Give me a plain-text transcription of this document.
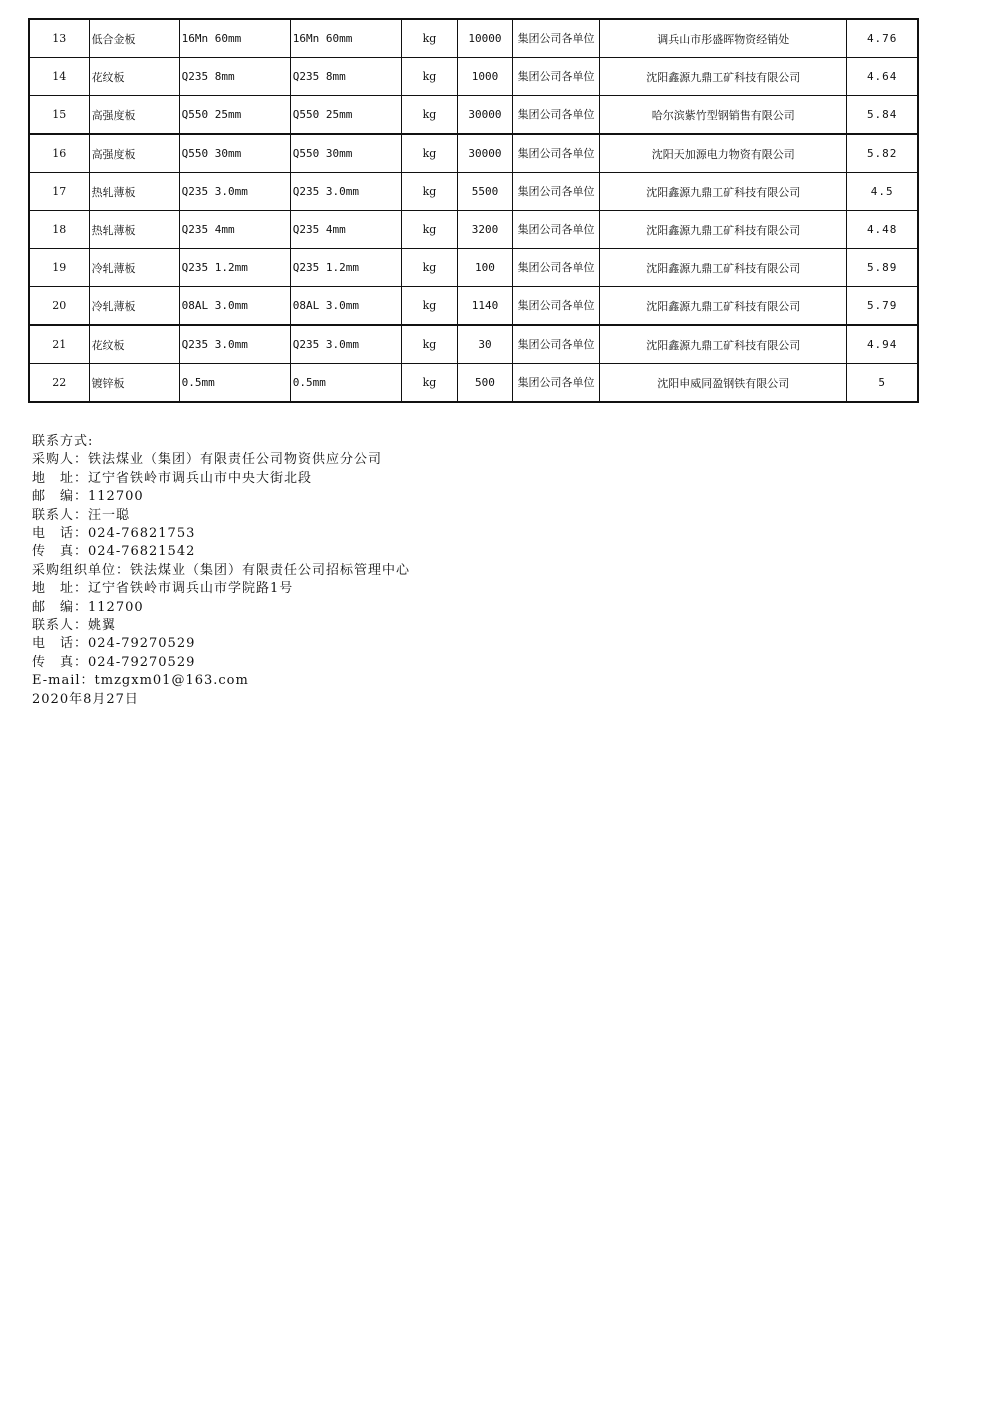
13	低合金板	16Mn 60mm	16Mn 60mm	kg	10000	集团公司各单位	调兵山市彤盛晖物资经销处	4.76
14	花纹板	Q235 8mm	Q235 8mm	kg	1000	集团公司各单位	沈阳鑫源九鼎工矿科技有限公司	4.64
15	高强度板	Q550 25mm	Q550 25mm	kg	30000	集团公司各单位	哈尔滨紫竹型钢销售有限公司	5.84
16	高强度板	Q550 30mm	Q550 30mm	kg	30000	集团公司各单位	沈阳天加源电力物资有限公司	5.82
17	热轧薄板	Q235 3.0mm	Q235 3.0mm	kg	5500	集团公司各单位	沈阳鑫源九鼎工矿科技有限公司	4.5
18	热轧薄板	Q235 4mm	Q235 4mm	kg	3200	集团公司各单位	沈阳鑫源九鼎工矿科技有限公司	4.48
19	冷轧薄板	Q235 1.2mm	Q235 1.2mm	kg	100	集团公司各单位	沈阳鑫源九鼎工矿科技有限公司	5.89
20	冷轧薄板	08AL 3.0mm	08AL 3.0mm	kg	1140	集团公司各单位	沈阳鑫源九鼎工矿科技有限公司	5.79
21	花纹板	Q235 3.0mm	Q235 3.0mm	kg	30	集团公司各单位	沈阳鑫源九鼎工矿科技有限公司	4.94
22	镀锌板	0.5mm	0.5mm	kg	500	集团公司各单位	沈阳申威同盈钢铁有限公司	5
联系方式:
采购人：铁法煤业（集团）有限责任公司物资供应分公司
地　址：辽宁省铁岭市调兵山市中央大街北段
邮　编：112700
联系人：汪一聪
电　话：024-76821753
传　真：024-76821542
采购组织单位：铁法煤业（集团）有限责任公司招标管理中心
地　址：辽宁省铁岭市调兵山市学院路1号
邮　编：112700
联系人：姚翼
电　话：024-79270529
传　真：024-79270529
E-mail：tmzgxm01@163.com
2020年8月27日
